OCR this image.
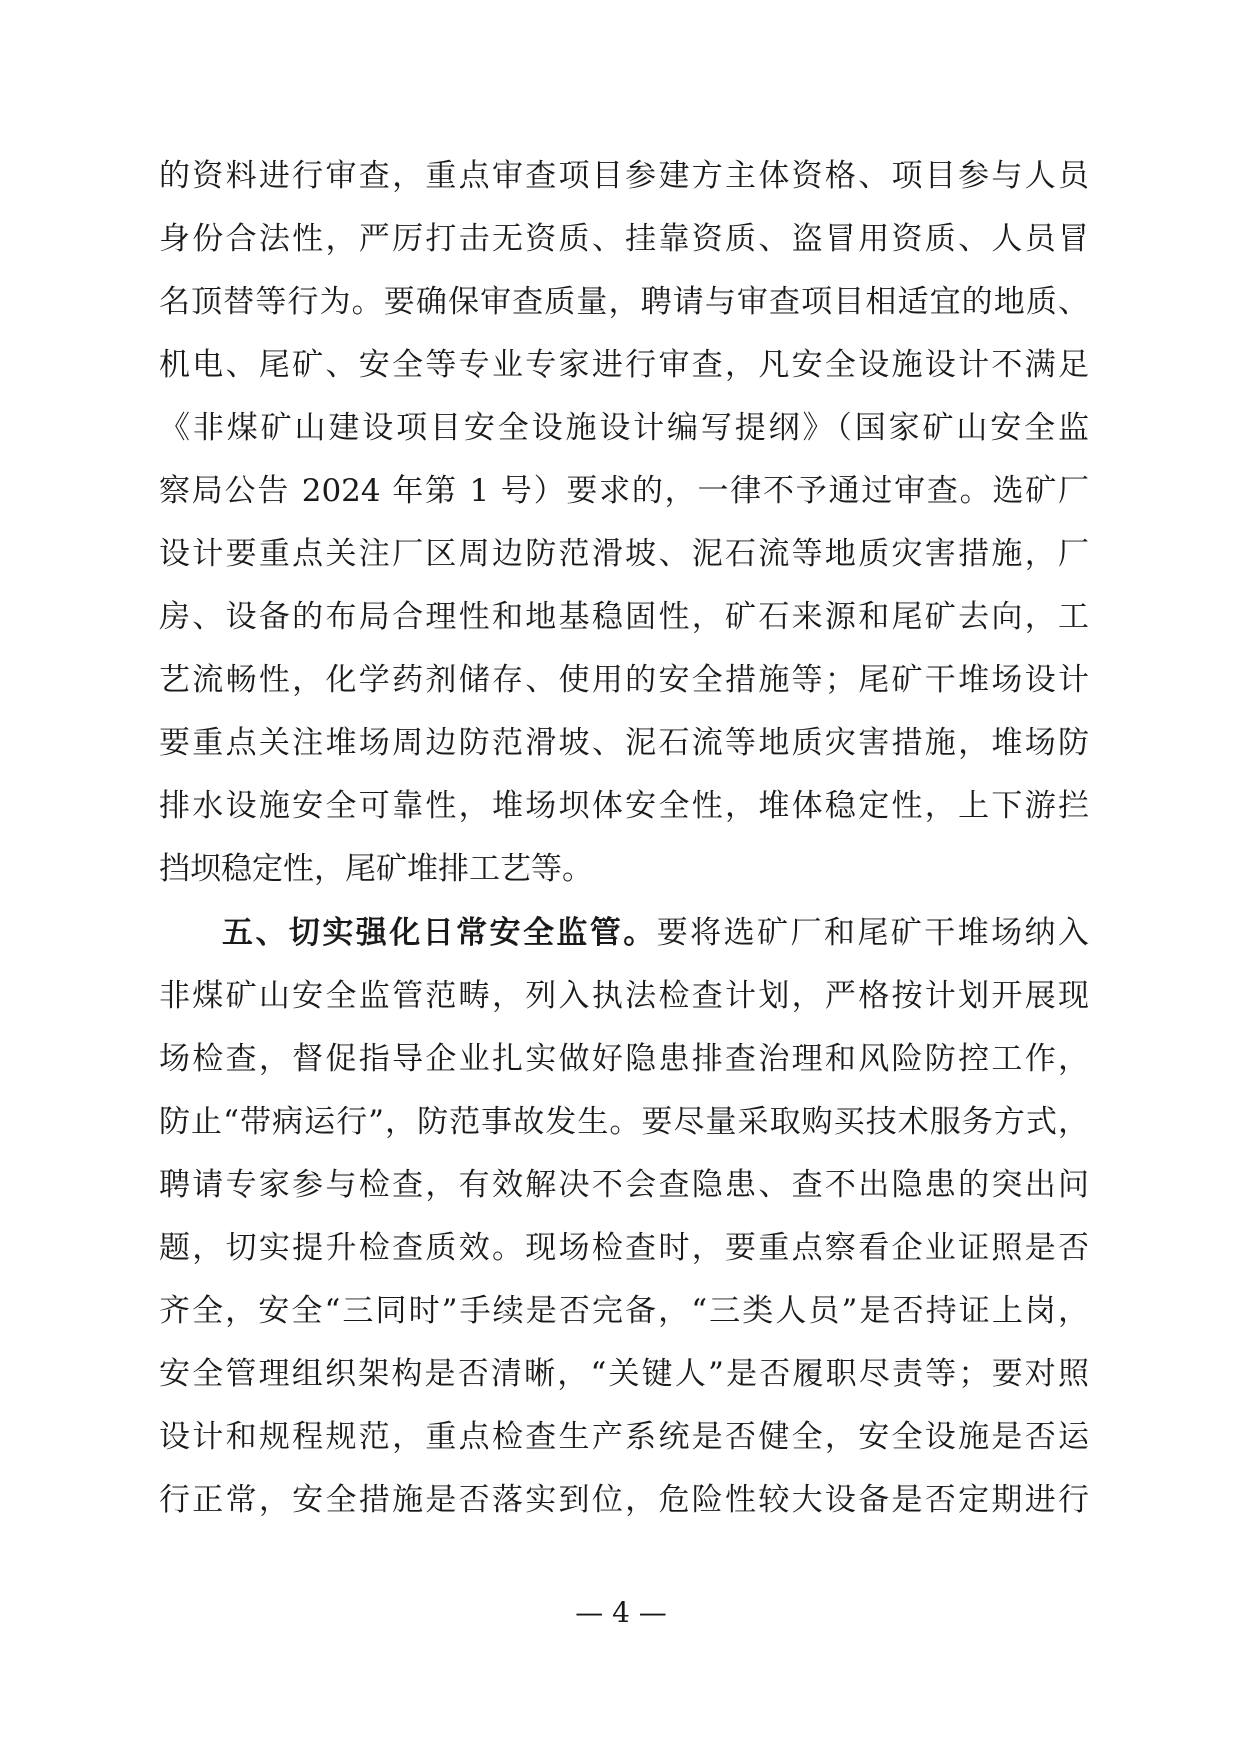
的资料进行审查，重点审查项目参建方主体资格、项目参与人员
身份合法性，严厉打击无资质、挂靠资质、盗冒用资质、人员冒
名顶替等行为。要确保审查质量，聘请与审查项目相适宜的地质、
机电、尾矿、安全等专业专家进行审查，凡安全设施设计不满足
《非煤矿山建设项目安全设施设计编写提纲》（国家矿山安全监
察局公告 2024 年第 1 号）要求的，一律不予通过审查。选矿厂
设计要重点关注厂区周边防范滑坡、泥石流等地质灾害措施，厂
房、设备的布局合理性和地基稳固性，矿石来源和尾矿去向，工
艺流畅性，化学药剂储存、使用的安全措施等；尾矿干堆场设计
要重点关注堆场周边防范滑坡、泥石流等地质灾害措施，堆场防
排水设施安全可靠性，堆场坝体安全性，堆体稳定性，上下游拦
挡坝稳定性，尾矿堆排工艺等。
五、切实强化日常安全监管。要将选矿厂和尾矿干堆场纳入
非煤矿山安全监管范畴，列入执法检查计划，严格按计划开展现
场检查，督促指导企业扎实做好隐患排查治理和风险防控工作，
防止“带病运行”，防范事故发生。要尽量采取购买技术服务方式，
聘请专家参与检查，有效解决不会查隐患、查不出隐患的突出问
题，切实提升检查质效。现场检查时，要重点察看企业证照是否
齐全，安全“三同时”手续是否完备，“三类人员”是否持证上岗，
安全管理组织架构是否清晰，“关键人”是否履职尽责等；要对照
设计和规程规范，重点检查生产系统是否健全，安全设施是否运
行正常，安全措施是否落实到位，危险性较大设备是否定期进行
— 4 —
